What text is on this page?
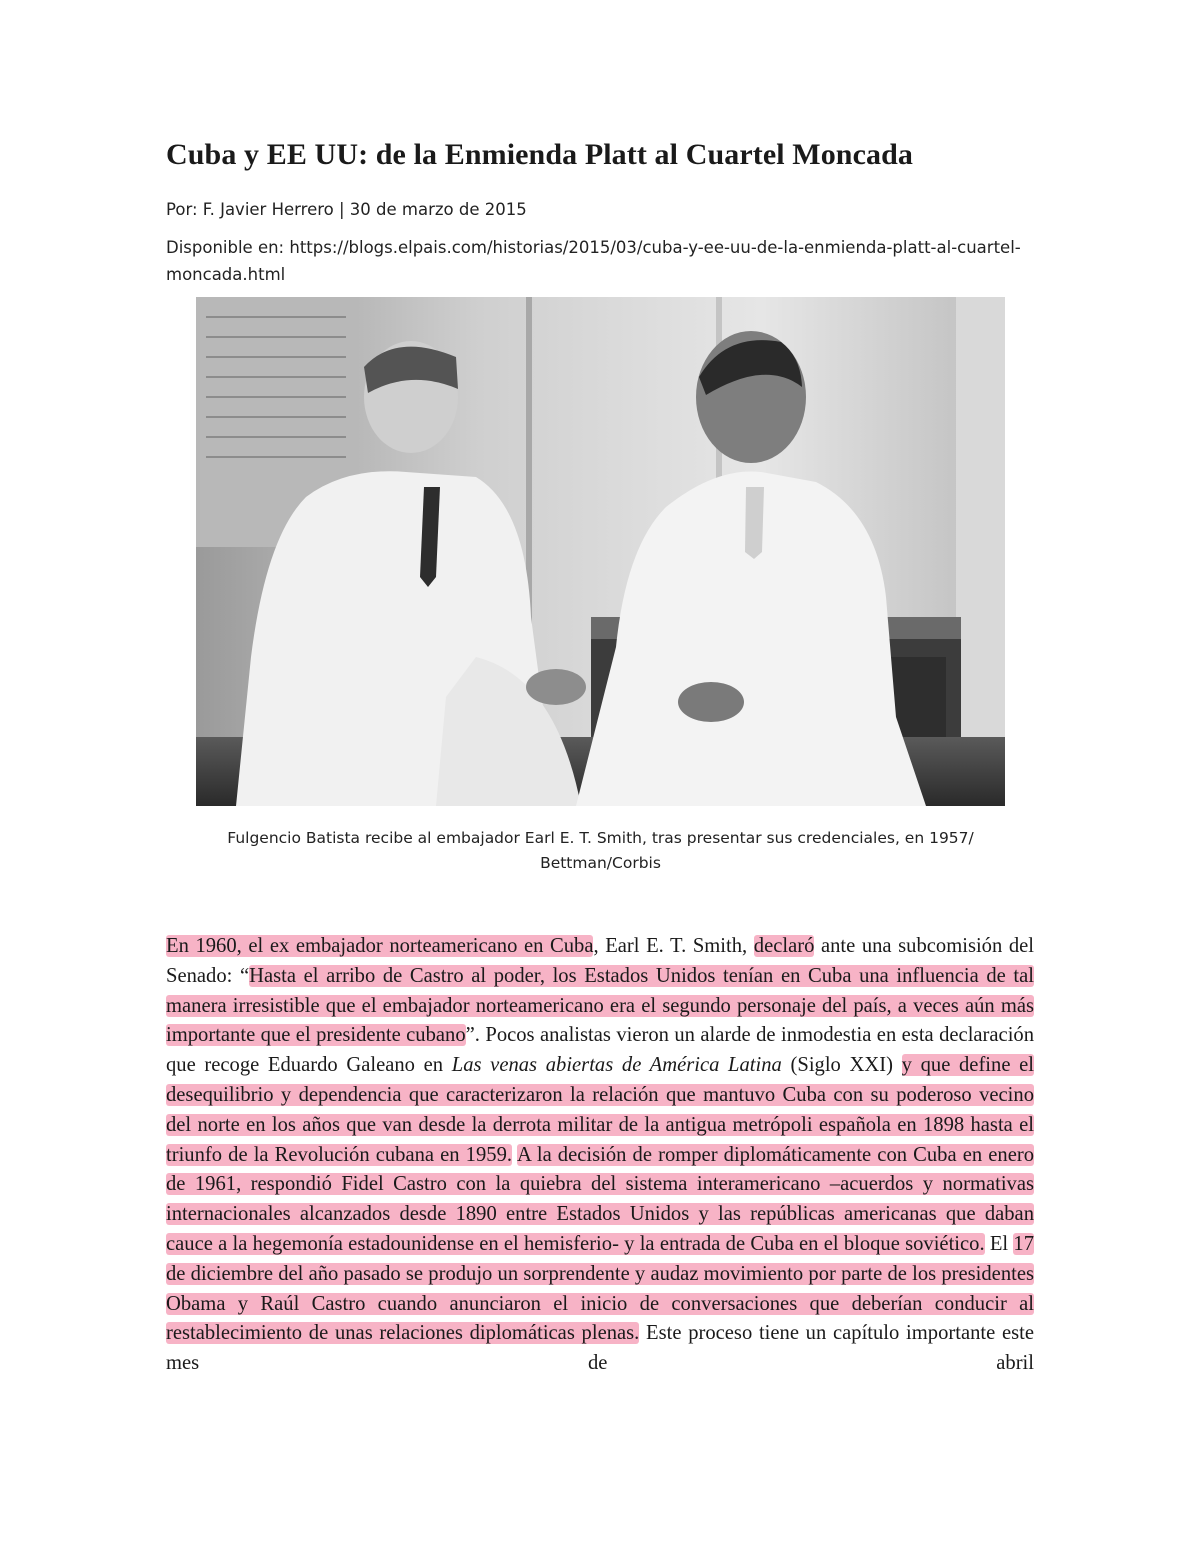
Cuba y EE UU: de la Enmienda Platt al Cuartel Moncada

Por: F. Javier Herrero | 30 de marzo de 2015

Disponible en: https://blogs.elpais.com/historias/2015/03/cuba-y-ee-uu-de-la-enmienda-platt-al-cuartel-moncada.html

Fulgencio Batista recibe al embajador Earl E. T. Smith, tras presentar sus credenciales, en 1957/ Bettman/Corbis

En 1960, el ex embajador norteamericano en Cuba, Earl E. T. Smith, declaró ante una subcomisión del Senado: “Hasta el arribo de Castro al poder, los Estados Unidos tenían en Cuba una influencia de tal manera irresistible que el embajador norteamericano era el segundo personaje del país, a veces aún más importante que el presidente cubano”. Pocos analistas vieron un alarde de inmodestia en esta declaración que recoge Eduardo Galeano en Las venas abiertas de América Latina (Siglo XXI) y que define el desequilibrio y dependencia que caracterizaron la relación que mantuvo Cuba con su poderoso vecino del norte en los años que van desde la derrota militar de la antigua metrópoli española en 1898 hasta el triunfo de la Revolución cubana en 1959. A la decisión de romper diplomáticamente con Cuba en enero de 1961, respondió Fidel Castro con la quiebra del sistema interamericano –acuerdos y normativas internacionales alcanzados desde 1890 entre Estados Unidos y las repúblicas americanas que daban cauce a la hegemonía estadounidense en el hemisferio- y la entrada de Cuba en el bloque soviético. El 17 de diciembre del año pasado se produjo un sorprendente y audaz movimiento por parte de los presidentes Obama y Raúl Castro cuando anunciaron el inicio de conversaciones que deberían conducir al restablecimiento de unas relaciones diplomáticas plenas. Este proceso tiene un capítulo importante este mes de abril
